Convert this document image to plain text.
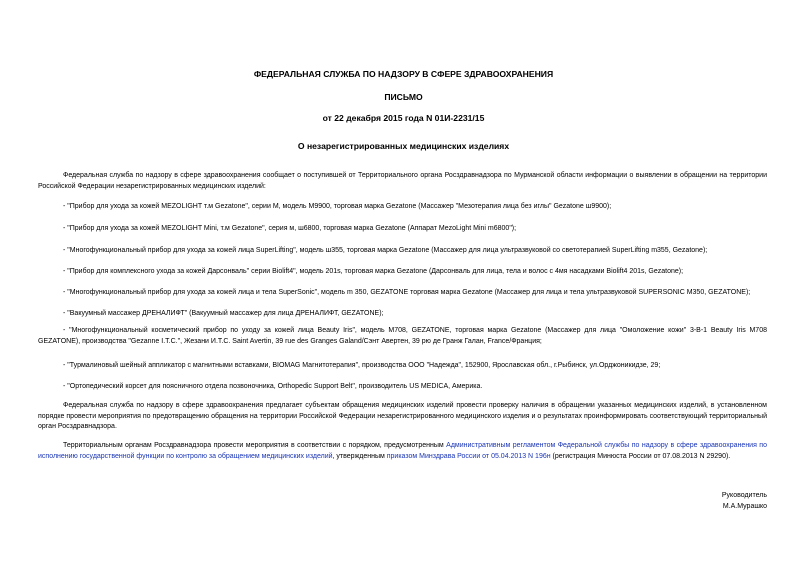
ФЕДЕРАЛЬНАЯ СЛУЖБА ПО НАДЗОРУ В СФЕРЕ ЗДРАВООХРАНЕНИЯ
ПИСЬМО
от 22 декабря 2015 года N 01И-2231/15
О незарегистрированных медицинских изделиях
Федеральная служба по надзору в сфере здравоохранения сообщает о поступившей от Территориального органа Росздравнадзора по Мурманской области информации о выявлении в обращении на территории Российской Федерации незарегистрированных медицинских изделий:
- "Прибор для ухода за кожей MEZOLIGHT т.м Gezatone", серии М, модель M9900, торговая марка Gezatone (Массажер "Мезотерапия лица без иглы" Gezatone ш9900);
- "Прибор для ухода за кожей MEZOLIGHT Mini, т.м Gezatone", серия м, ш6800, торговая марка Gezatone (Аппарат MezoLight Mini m6800");
- "Многофункциональный прибор для ухода за кожей лица SuperLifting", модель ш355, торговая марка Gezatone (Массажер для лица ультразвуковой со светотерапией SuperLifting m355, Gezatone);
- "Прибор для комплексного ухода за кожей Дарсонваль" серии Biolift4", модель 201s, торговая марка Gezatone (Дарсонваль для лица, тела и волос с 4мя насадками Biolift4 201s, Gezatone);
- "Многофункциональный прибор для ухода за кожей лица и тела SuperSonic", модель m 350, GEZATONE торговая марка Gezatone (Массажер для лица и тела ультразвуковой SUPERSONIC M350, GEZATONE);
- "Вакуумный массажер ДРЕНАЛИФТ" (Вакуумный массажер для лица ДРЕНАЛИФТ, GEZATONE);
- "Многофункциональный косметический прибор по уходу за кожей лица Beauty Iris", модель M708, GEZATONE, торговая марка Gezatone (Массажер для лица "Омоложение кожи" 3-В-1 Beauty Iris M708
GEZATONE), производства "Gezanne I.T.C.", Жезани И.Т.С. Saint Avertin, 39 rue des Granges Galand/Сэнт Авертен, 39 рю де Гранж Галан, France/Франция;
- "Турмалиновый шейный аппликатор с магнитными вставками, BIOMAG Магнитотерапия", производства ООО "Надежда", 152900, Ярославская обл., г.Рыбинск, ул.Орджоникидзе, 29;
- "Ортопедический корсет для поясничного отдела позвоночника, Orthopedic Support Belt", производитель US MEDICA, Америка.
Федеральная служба по надзору в сфере здравоохранения предлагает субъектам обращения медицинских изделий провести проверку наличия в обращении указанных медицинских изделий, в установленном порядке провести мероприятия по предотвращению обращения на территории Российской Федерации незарегистрированного медицинского изделия и о результатах проинформировать соответствующий территориальный орган Росздравнадзора.
Территориальным органам Росздравнадзора провести мероприятия в соответствии с порядком, предусмотренным Административным регламентом Федеральной службы по надзору в сфере здравоохранения по исполнению государственной функции по контролю за обращением медицинских изделий, утвержденным приказом Минздрава России от 05.04.2013 N 196н (регистрация Минюста России от 07.08.2013 N 29290).
Руководитель
М.А.Мурашко
